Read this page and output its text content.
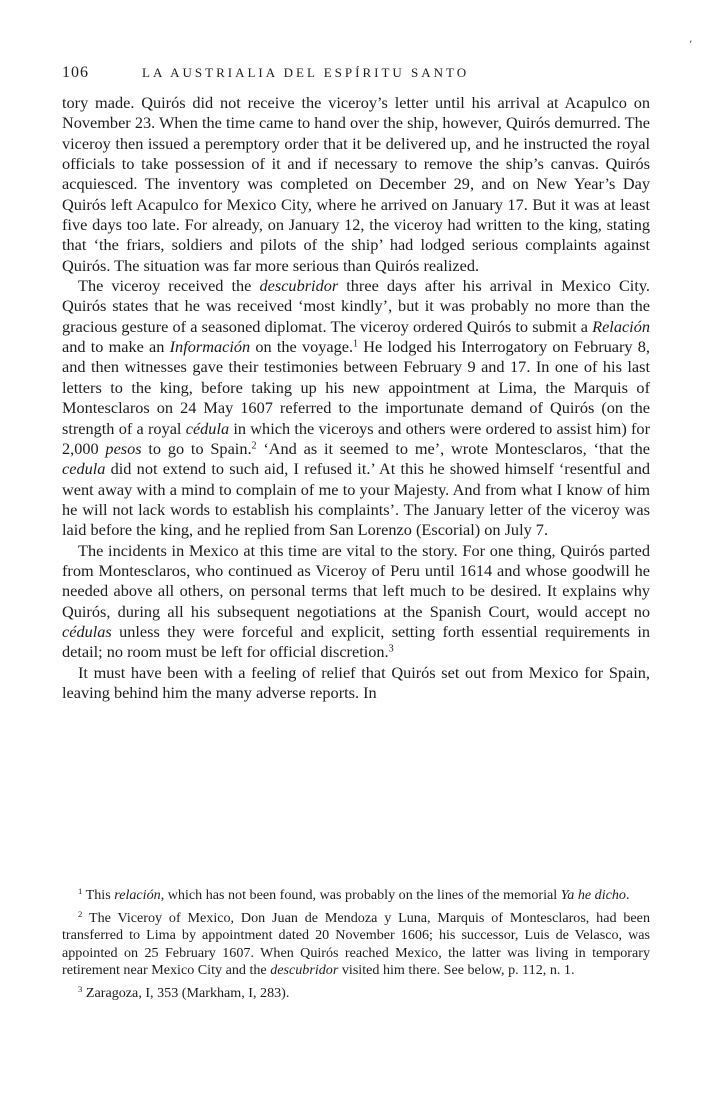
’
106	LA AUSTRIALIA DEL ESPÍRITU SANTO

tory made. Quirós did not receive the viceroy’s letter until his arrival at Acapulco on November 23. When the time came to hand over the ship, however, Quirós demurred. The viceroy then issued a peremptory order that it be delivered up, and he instructed the royal officials to take possession of it and if necessary to remove the ship’s canvas. Quirós acquiesced. The inventory was completed on December 29, and on New Year’s Day Quirós left Acapulco for Mexico City, where he arrived on January 17. But it was at least five days too late. For already, on January 12, the viceroy had written to the king, stating that ‘the friars, soldiers and pilots of the ship’ had lodged serious complaints against Quirós. The situation was far more serious than Quirós realized.

The viceroy received the descubridor three days after his arrival in Mexico City. Quirós states that he was received ‘most kindly’, but it was probably no more than the gracious gesture of a seasoned diplomat. The viceroy ordered Quirós to submit a Relación and to make an Información on the voyage.$^1$ He lodged his Interrogatory on February 8, and then witnesses gave their testimonies between February 9 and 17. In one of his last letters to the king, before taking up his new appointment at Lima, the Marquis of Montesclaros on 24 May 1607 referred to the importunate demand of Quirós (on the strength of a royal cédula in which the viceroys and others were ordered to assist him) for 2,000 pesos to go to Spain.$^2$ ‘And as it seemed to me’, wrote Montesclaros, ‘that the cedula did not extend to such aid, I refused it.’ At this he showed himself ‘resentful and went away with a mind to complain of me to your Majesty. And from what I know of him he will not lack words to establish his complaints’. The January letter of the viceroy was laid before the king, and he replied from San Lorenzo (Escorial) on July 7.

The incidents in Mexico at this time are vital to the story. For one thing, Quirós parted from Montesclaros, who continued as Viceroy of Peru until 1614 and whose goodwill he needed above all others, on personal terms that left much to be desired. It explains why Quirós, during all his subsequent negotiations at the Spanish Court, would accept no cédulas unless they were forceful and explicit, setting forth essential requirements in detail; no room must be left for official discretion.$^3$

It must have been with a feeling of relief that Quirós set out from Mexico for Spain, leaving behind him the many adverse reports. In

$^1$ This relación, which has not been found, was probably on the lines of the memorial Ya he dicho.

$^2$ The Viceroy of Mexico, Don Juan de Mendoza y Luna, Marquis of Montesclaros, had been transferred to Lima by appointment dated 20 November 1606; his successor, Luis de Velasco, was appointed on 25 February 1607. When Quirós reached Mexico, the latter was living in temporary retirement near Mexico City and the descubridor visited him there. See below, p. 112, n. 1.

$^3$ Zaragoza, I, 353 (Markham, I, 283).
